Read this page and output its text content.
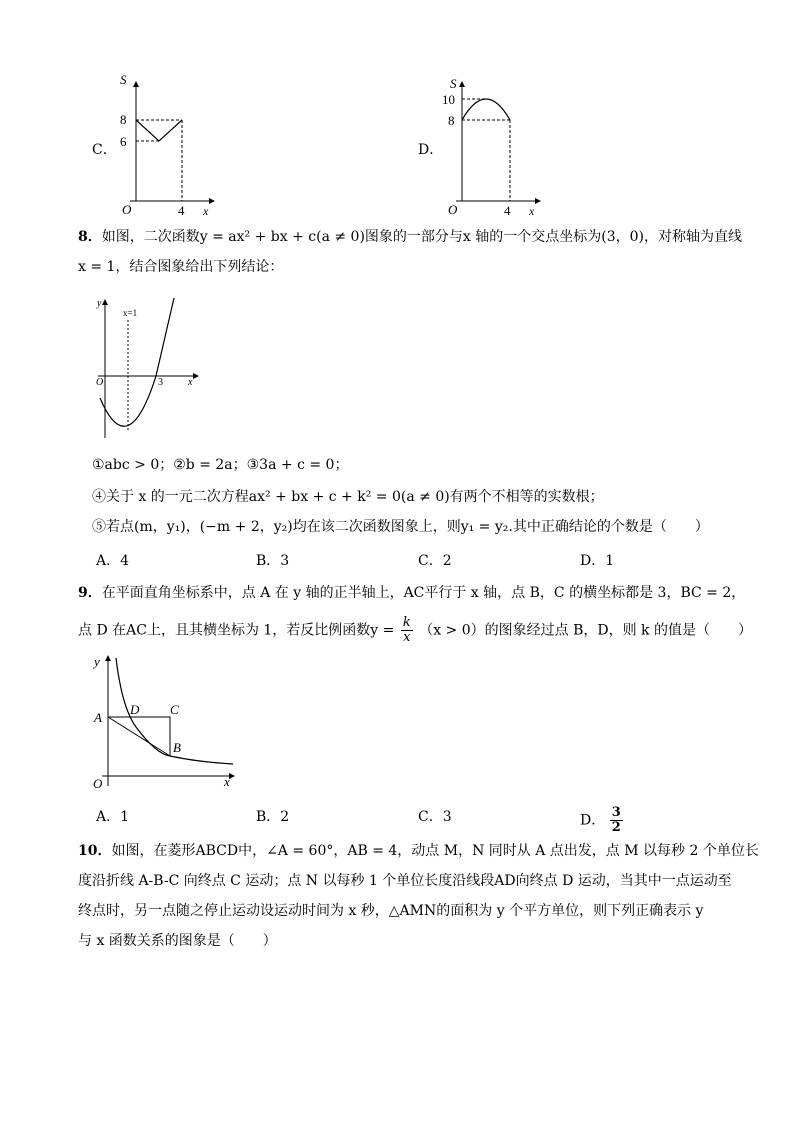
C．
S
x
O
8
6
4
D．
S
x
O
10
8
4
8．如图，二次函数y = ax² + bx + c(a ≠ 0)图象的一部分与x 轴的一个交点坐标为(3，0)，对称轴为直线
x = 1，结合图象给出下列结论：
y
x
O
x=1
3
①abc > 0；②b = 2a；③3a + c = 0；
④关于 x 的一元二次方程ax² + bx + c + k² = 0(a ≠ 0)有两个不相等的实数根；
⑤若点(m，y₁)，(−m + 2，y₂)均在该二次函数图象上，则y₁ = y₂.其中正确结论的个数是（　　）
A．4	B．3	C．2	D．1
9．在平面直角坐标系中，点 A 在 y 轴的正半轴上，AC平行于 x 轴，点 B，C 的横坐标都是 3，BC = 2，
点 D 在AC上，且其横坐标为 1，若反比例函数$y = \frac{k}{x} (x > 0)$的图象经过点 B，D，则 k 的值是（　　）
y
x
O
A
D C
B
A．1	B．2	C．3	D． $\frac{3}{2}$
10．如图，在菱形ABCD中，∠A = 60°，AB = 4，动点 M，N 同时从 A 点出发，点 M 以每秒 2 个单位长
度沿折线 A-B-C 向终点 C 运动；点 N 以每秒 1 个单位长度沿线段AD向终点 D 运动，当其中一点运动至
终点时，另一点随之停止运动设运动时间为 x 秒，△AMN的面积为 y 个平方单位，则下列正确表示 y
与 x 函数关系的图象是（　　）
